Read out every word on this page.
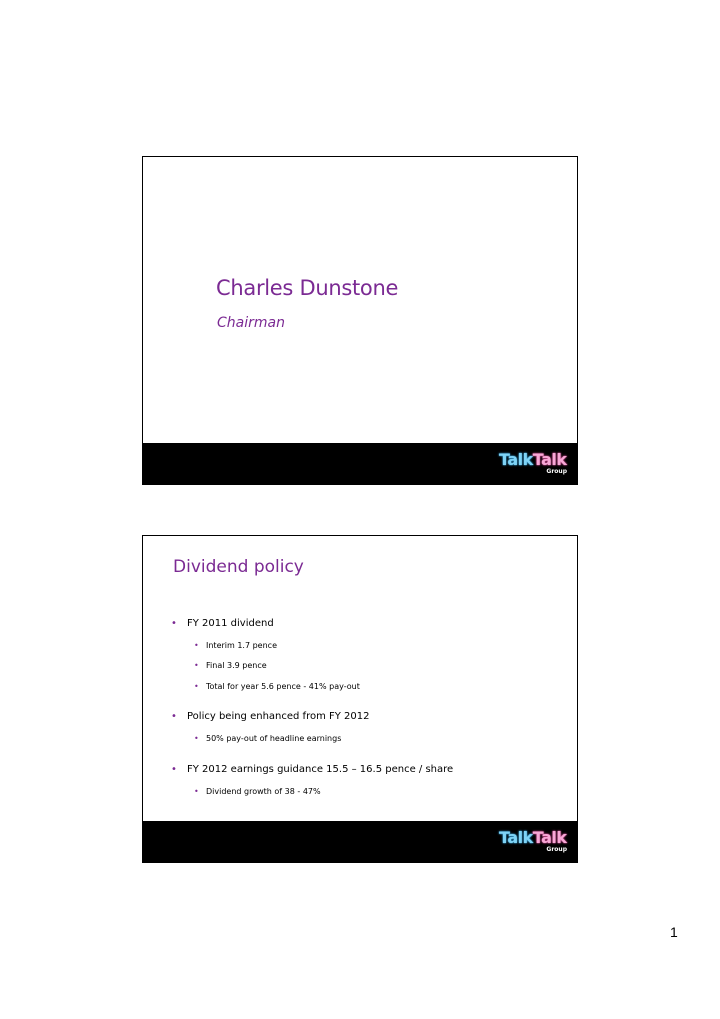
Charles Dunstone
Chairman
TalkTalk
Group
Dividend policy
• FY 2011 dividend
• Interim 1.7 pence
• Final 3.9 pence
• Total for year 5.6 pence - 41% pay-out
• Policy being enhanced from FY 2012
• 50% pay-out of headline earnings
• FY 2012 earnings guidance 15.5 – 16.5 pence / share
• Dividend growth of 38 - 47%
TalkTalk
Group
1
